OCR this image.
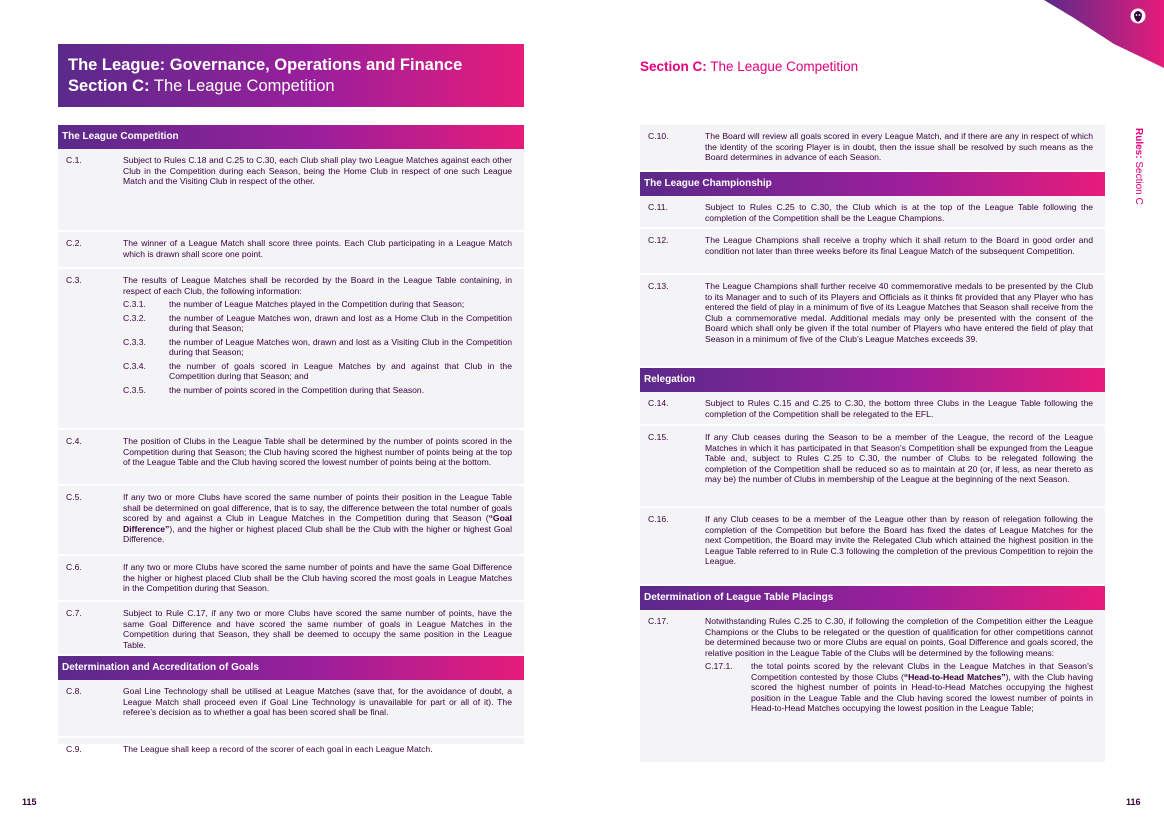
The League: Governance, Operations and Finance
Section C: The League Competition
Section C: The League Competition
Rules: Section C
The League Competition
C.1.	Subject to Rules C.18 and C.25 to C.30, each Club shall play two League Matches against each other Club in the Competition during each Season, being the Home Club in respect of one such League Match and the Visiting Club in respect of the other.
C.2.	The winner of a League Match shall score three points. Each Club participating in a League Match which is drawn shall score one point.
C.3.	The results of League Matches shall be recorded by the Board in the League Table containing, in respect of each Club, the following information:
C.3.1.	the number of League Matches played in the Competition during that Season;
C.3.2.	the number of League Matches won, drawn and lost as a Home Club in the Competition during that Season;
C.3.3.	the number of League Matches won, drawn and lost as a Visiting Club in the Competition during that Season;
C.3.4.	the number of goals scored in League Matches by and against that Club in the Competition during that Season; and
C.3.5.	the number of points scored in the Competition during that Season.
C.4.	The position of Clubs in the League Table shall be determined by the number of points scored in the Competition during that Season; the Club having scored the highest number of points being at the top of the League Table and the Club having scored the lowest number of points being at the bottom.
C.5.	If any two or more Clubs have scored the same number of points their position in the League Table shall be determined on goal difference, that is to say, the difference between the total number of goals scored by and against a Club in League Matches in the Competition during that Season (“Goal Difference”), and the higher or highest placed Club shall be the Club with the higher or highest Goal Difference.
C.6.	If any two or more Clubs have scored the same number of points and have the same Goal Difference the higher or highest placed Club shall be the Club having scored the most goals in League Matches in the Competition during that Season.
C.7.	Subject to Rule C.17, if any two or more Clubs have scored the same number of points, have the same Goal Difference and have scored the same number of goals in League Matches in the Competition during that Season, they shall be deemed to occupy the same position in the League Table.
Determination and Accreditation of Goals
C.8.	Goal Line Technology shall be utilised at League Matches (save that, for the avoidance of doubt, a League Match shall proceed even if Goal Line Technology is unavailable for part or all of it). The referee’s decision as to whether a goal has been scored shall be final.
C.9.	The League shall keep a record of the scorer of each goal in each League Match.
C.10.	The Board will review all goals scored in every League Match, and if there are any in respect of which the identity of the scoring Player is in doubt, then the issue shall be resolved by such means as the Board determines in advance of each Season.
The League Championship
C.11.	Subject to Rules C.25 to C.30, the Club which is at the top of the League Table following the completion of the Competition shall be the League Champions.
C.12.	The League Champions shall receive a trophy which it shall return to the Board in good order and condition not later than three weeks before its final League Match of the subsequent Competition.
C.13.	The League Champions shall further receive 40 commemorative medals to be presented by the Club to its Manager and to such of its Players and Officials as it thinks fit provided that any Player who has entered the field of play in a minimum of five of its League Matches that Season shall receive from the Club a commemorative medal. Additional medals may only be presented with the consent of the Board which shall only be given if the total number of Players who have entered the field of play that Season in a minimum of five of the Club’s League Matches exceeds 39.
Relegation
C.14.	Subject to Rules C.15 and C.25 to C.30, the bottom three Clubs in the League Table following the completion of the Competition shall be relegated to the EFL.
C.15.	If any Club ceases during the Season to be a member of the League, the record of the League Matches in which it has participated in that Season’s Competition shall be expunged from the League Table and, subject to Rules C.25 to C.30, the number of Clubs to be relegated following the completion of the Competition shall be reduced so as to maintain at 20 (or, if less, as near thereto as may be) the number of Clubs in membership of the League at the beginning of the next Season.
C.16.	If any Club ceases to be a member of the League other than by reason of relegation following the completion of the Competition but before the Board has fixed the dates of League Matches for the next Competition, the Board may invite the Relegated Club which attained the highest position in the League Table referred to in Rule C.3 following the completion of the previous Competition to rejoin the League.
Determination of League Table Placings
C.17.	Notwithstanding Rules C.25 to C.30, if following the completion of the Competition either the League Champions or the Clubs to be relegated or the question of qualification for other competitions cannot be determined because two or more Clubs are equal on points, Goal Difference and goals scored, the relative position in the League Table of the Clubs will be determined by the following means:
C.17.1.	the total points scored by the relevant Clubs in the League Matches in that Season’s Competition contested by those Clubs (“Head-to-Head Matches”), with the Club having scored the highest number of points in Head-to-Head Matches occupying the highest position in the League Table and the Club having scored the lowest number of points in Head-to-Head Matches occupying the lowest position in the League Table;
115	116
